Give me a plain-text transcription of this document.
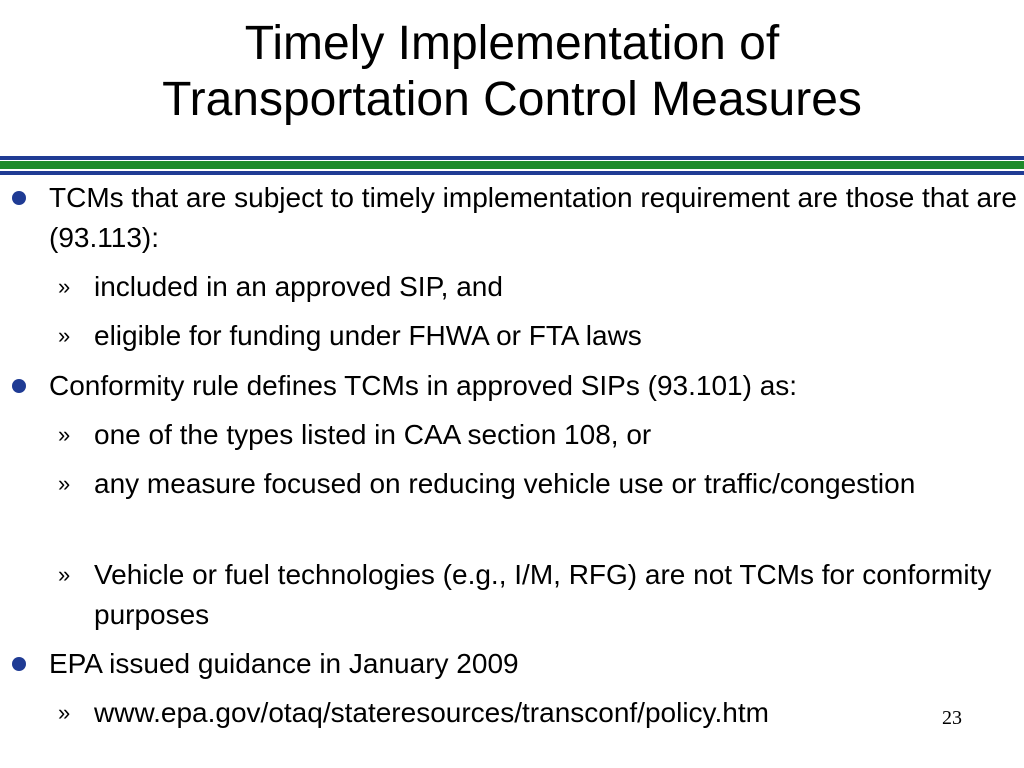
Timely Implementation of
Transportation Control Measures
TCMs that are subject to timely implementation requirement are those that are (93.113):
» included in an approved SIP, and
» eligible for funding under FHWA or FTA laws
Conformity rule defines TCMs in approved SIPs (93.101) as:
» one of the types listed in CAA section 108, or
» any measure focused on reducing vehicle use or traffic/congestion
» Vehicle or fuel technologies (e.g., I/M, RFG) are not TCMs for conformity purposes
EPA issued guidance in January 2009
» www.epa.gov/otaq/stateresources/transconf/policy.htm	23
